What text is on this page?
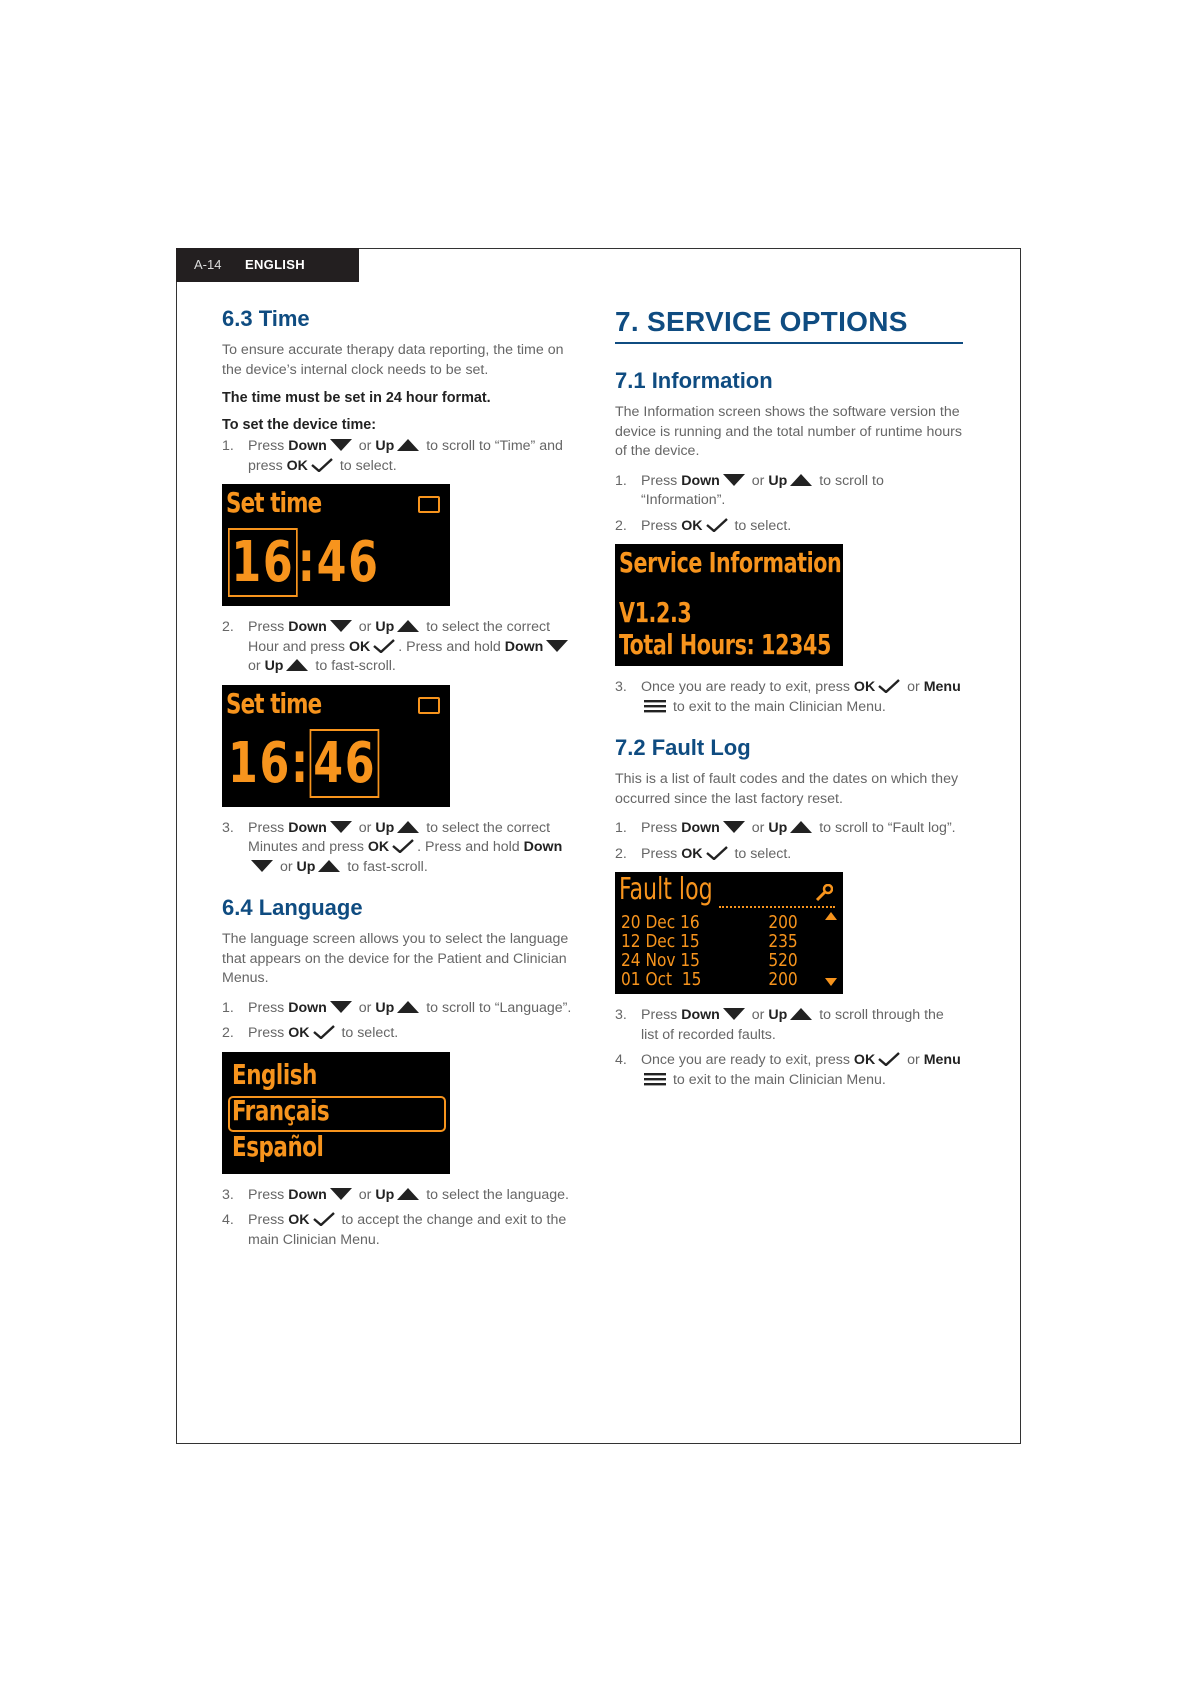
A-14 ENGLISH
6.3 Time
To ensure accurate therapy data reporting, the time on the device’s internal clock needs to be set.
The time must be set in 24 hour format.
To set the device time:
1. Press Down or Up to scroll to “Time” and press OK to select.
Set time
16:46
2. Press Down or Up to select the correct Hour and press OK . Press and hold Down or Up to fast-scroll.
Set time
16:46
3. Press Down or Up to select the correct Minutes and press OK . Press and hold Down or Up to fast-scroll.
6.4 Language
The language screen allows you to select the language that appears on the device for the Patient and Clinician Menus.
1. Press Down or Up to scroll to “Language”.
2. Press OK to select.
English
Français
Español
3. Press Down or Up to select the language.
4. Press OK to accept the change and exit to the main Clinician Menu.
7. SERVICE OPTIONS
7.1 Information
The Information screen shows the software version the device is running and the total number of runtime hours of the device.
1. Press Down or Up to scroll to “Information”.
2. Press OK to select.
Service Information
V1.2.3
Total Hours: 12345
3. Once you are ready to exit, press OK or Menu to exit to the main Clinician Menu.
7.2 Fault Log
This is a list of fault codes and the dates on which they occurred since the last factory reset.
1. Press Down or Up to scroll to “Fault log”.
2. Press OK to select.
Fault log
20 Dec 16	200
12 Dec 15	235
24 Nov 15	520
01 Oct  15	200
3. Press Down or Up to scroll through the list of recorded faults.
4. Once you are ready to exit, press OK or Menu to exit to the main Clinician Menu.
